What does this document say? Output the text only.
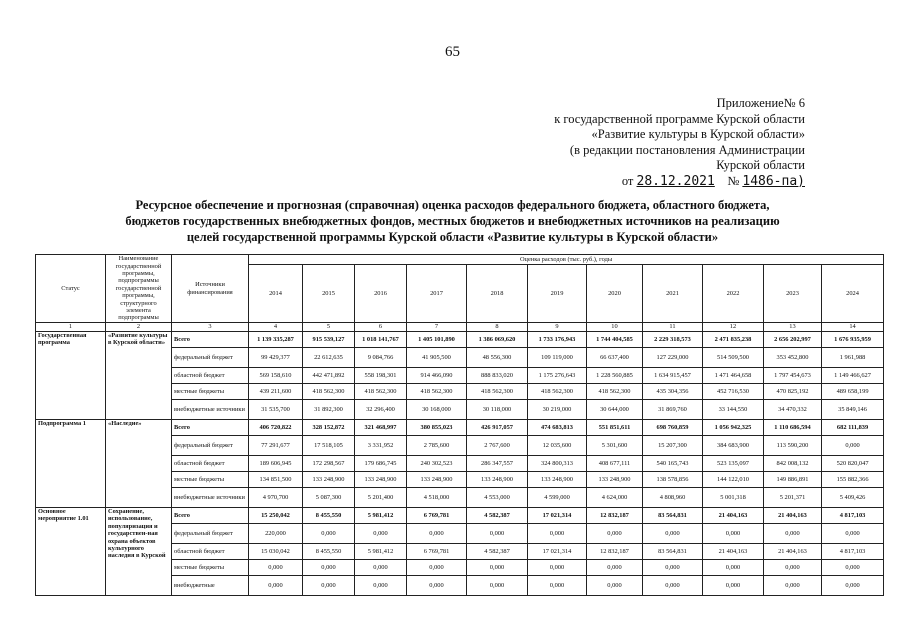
65
Приложение№ 6
к государственной программе Курской области
«Развитие культуры в Курской области»
(в редакции постановления Администрации
Курской области
от 28.12.2021 № 1486-па)
Ресурсное обеспечение и прогнозная (справочная) оценка расходов федерального бюджета, областного бюджета,
бюджетов государственных внебюджетных фондов, местных бюджетов и внебюджетных источников на реализацию
целей государственной программы Курской области «Развитие культуры в Курской области»
Статус	Наименование государственной программы, подпрограммы государственной программы, структурного элемента подпрограммы	Источники финансирования	Оценка расходов (тыс. руб.), годы										
			2014	2015	2016	2017	2018	2019	2020	2021	2022	2023	2024
1	2	3	4	5	6	7	8	9	10	11	12	13	14
Государственная программа	«Развитие культуры в Курской области»	Всего	1 139 335,287	915 539,127	1 018 141,767	1 405 101,890	1 386 069,620	1 733 176,943	1 744 404,585	2 229 318,573	2 471 835,238	2 656 202,997	1 676 935,959
		федеральный бюджет	99 429,377	22 612,635	9 084,766	41 905,500	48 556,300	109 119,000	66 637,400	127 229,000	514 509,500	353 452,800	1 961,988
		областной бюджет	569 158,610	442 471,892	558 198,301	914 466,090	888 833,020	1 175 276,643	1 228 560,885	1 634 915,457	1 471 464,658	1 797 454,673	1 149 466,627
		местные бюджеты	439 211,600	418 562,300	418 562,300	418 562,300	418 562,300	418 562,300	418 562,300	435 304,356	452 716,530	470 825,192	489 658,199
		внебюджетные источники	31 535,700	31 892,300	32 296,400	30 168,000	30 118,000	30 219,000	30 644,000	31 869,760	33 144,550	34 470,332	35 849,146
Подпрограмма 1	«Наследие»	Всего	406 720,822	328 152,872	321 468,997	380 855,023	426 917,057	474 683,813	551 851,611	698 760,859	1 056 942,325	1 110 686,594	682 111,839
		федеральный бюджет	77 291,677	17 518,105	3 331,952	2 785,600	2 767,600	12 035,600	5 301,600	15 207,300	384 683,900	113 590,200	0,000
		областной бюджет	189 606,945	172 298,567	179 686,745	240 302,523	286 347,557	324 800,313	408 677,111	540 165,743	523 135,097	842 008,132	520 820,047
		местные бюджеты	134 851,500	133 248,900	133 248,900	133 248,900	133 248,900	133 248,900	133 248,900	138 578,856	144 122,010	149 886,891	155 882,366
		внебюджетные источники	4 970,700	5 087,300	5 201,400	4 518,000	4 553,000	4 599,000	4 624,000	4 808,960	5 001,318	5 201,371	5 409,426
Основное мероприятие 1.01	Сохранение, использование, популяризация и государствен-ная охрана объектов культурного наследия в Курской	Всего	15 250,042	8 455,550	5 981,412	6 769,781	4 582,387	17 021,314	12 832,187	83 564,831	21 404,163	21 404,163	4 817,103
		федеральный бюджет	220,000	0,000	0,000	0,000	0,000	0,000	0,000	0,000	0,000	0,000	0,000
		областной бюджет	15 030,042	8 455,550	5 981,412	6 769,781	4 582,387	17 021,314	12 832,187	83 564,831	21 404,163	21 404,163	4 817,103
		местные бюджеты	0,000	0,000	0,000	0,000	0,000	0,000	0,000	0,000	0,000	0,000	0,000
		внебюджетные	0,000	0,000	0,000	0,000	0,000	0,000	0,000	0,000	0,000	0,000	0,000
